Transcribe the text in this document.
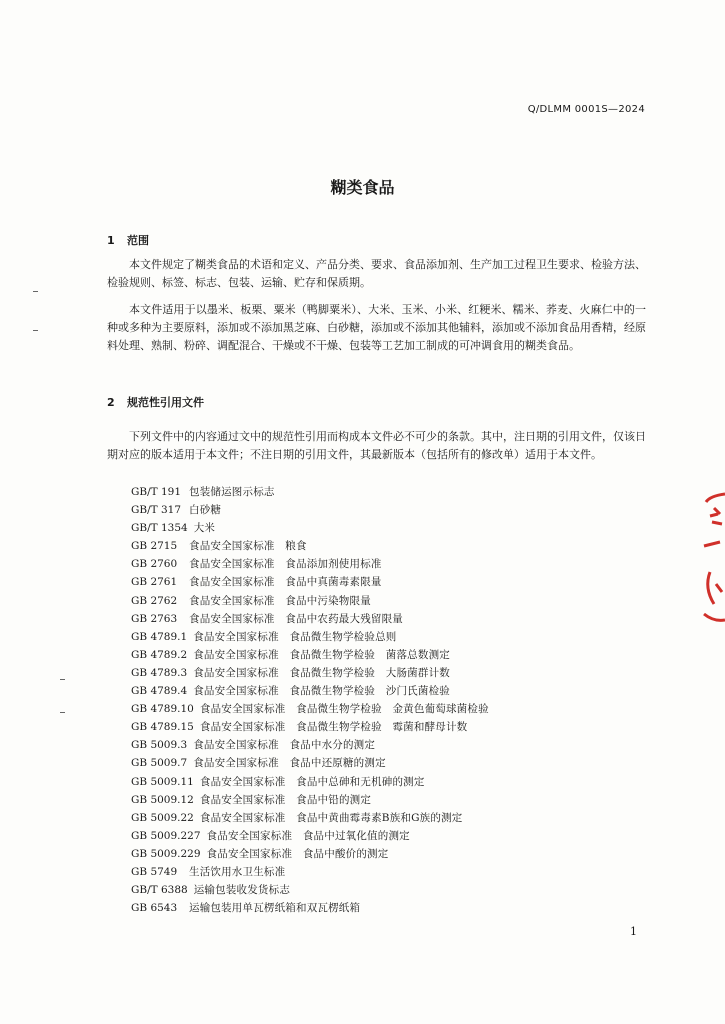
Q/DLMM 0001S—2024
糊类食品
1 范围

本文件规定了糊类食品的术语和定义、产品分类、要求、食品添加剂、生产加工过程卫生要求、检验方法、检验规则、标签、标志、包装、运输、贮存和保质期。

本文件适用于以墨米、板栗、粟米（鸭脚粟米）、大米、玉米、小米、红粳米、糯米、荞麦、火麻仁中的一种或多种为主要原料，添加或不添加黑芝麻、白砂糖，添加或不添加其他辅料，添加或不添加食品用香精，经原料处理、熟制、粉碎、调配混合、干燥或不干燥、包装等工艺加工制成的可冲调食用的糊类食品。

2 规范性引用文件

下列文件中的内容通过文中的规范性引用而构成本文件必不可少的条款。其中，注日期的引用文件，仅该日期对应的版本适用于本文件；不注日期的引用文件，其最新版本（包括所有的修改单）适用于本文件。

GB/T 191 包装储运图示标志
GB/T 317 白砂糖
GB/T 1354 大米
GB 2715 食品安全国家标准　粮食
GB 2760 食品安全国家标准　食品添加剂使用标准
GB 2761 食品安全国家标准　食品中真菌毒素限量
GB 2762 食品安全国家标准　食品中污染物限量
GB 2763 食品安全国家标准　食品中农药最大残留限量
GB 4789.1 食品安全国家标准　食品微生物学检验总则
GB 4789.2 食品安全国家标准　食品微生物学检验　菌落总数测定
GB 4789.3 食品安全国家标准　食品微生物学检验　大肠菌群计数
GB 4789.4 食品安全国家标准　食品微生物学检验　沙门氏菌检验
GB 4789.10 食品安全国家标准　食品微生物学检验　金黄色葡萄球菌检验
GB 4789.15 食品安全国家标准　食品微生物学检验　霉菌和酵母计数
GB 5009.3 食品安全国家标准　食品中水分的测定
GB 5009.7 食品安全国家标准　食品中还原糖的测定
GB 5009.11 食品安全国家标准　食品中总砷和无机砷的测定
GB 5009.12 食品安全国家标准　食品中铅的测定
GB 5009.22 食品安全国家标准　食品中黄曲霉毒素B族和G族的测定
GB 5009.227 食品安全国家标准　食品中过氧化值的测定
GB 5009.229 食品安全国家标准　食品中酸价的测定
GB 5749 生活饮用水卫生标准
GB/T 6388 运输包装收发货标志
GB 6543 运输包装用单瓦楞纸箱和双瓦楞纸箱
1
